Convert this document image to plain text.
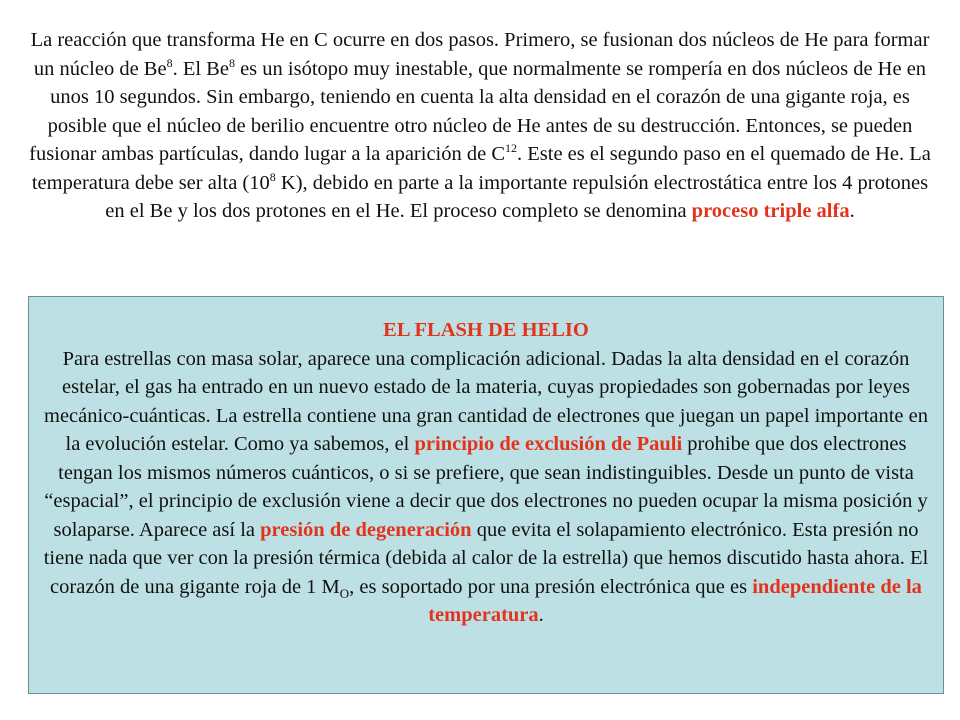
La reacción que transforma He en C ocurre en dos pasos. Primero, se fusionan dos núcleos de He para formar un núcleo de Be$^8$. El Be$^8$ es un isótopo muy inestable, que normalmente se rompería en dos núcleos de He en unos 10 segundos. Sin embargo, teniendo en cuenta la alta densidad en el corazón de una gigante roja, es posible que el núcleo de berilio encuentre otro núcleo de He antes de su destrucción. Entonces, se pueden fusionar ambas partículas, dando lugar a la aparición de $C^{12}$. Este es el segundo paso en el quemado de He. La temperatura debe ser alta ($10^8$ K), debido en parte a la importante repulsión electrostática entre los 4 protones en el Be y los dos protones en el He. El proceso completo se denomina proceso triple alfa.

EL FLASH DE HELIO
Para estrellas con masa solar, aparece una complicación adicional. Dadas la alta densidad en el corazón estelar, el gas ha entrado en un nuevo estado de la materia, cuyas propiedades son gobernadas por leyes mecánico-cuánticas. La estrella contiene una gran cantidad de electrones que juegan un papel importante en la evolución estelar. Como ya sabemos, el principio de exclusión de Pauli prohibe que dos electrones tengan los mismos números cuánticos, o si se prefiere, que sean indistinguibles. Desde un punto de vista “espacial”, el principio de exclusión viene a decir que dos electrones no pueden ocupar la misma posición y solaparse. Aparece así la presión de degeneración que evita el solapamiento electrónico. Esta presión no tiene nada que ver con la presión térmica (debida al calor de la estrella) que hemos discutido hasta ahora. El corazón de una gigante roja de 1 $M_O$, es soportado por una presión electrónica que es independiente de la temperatura.
